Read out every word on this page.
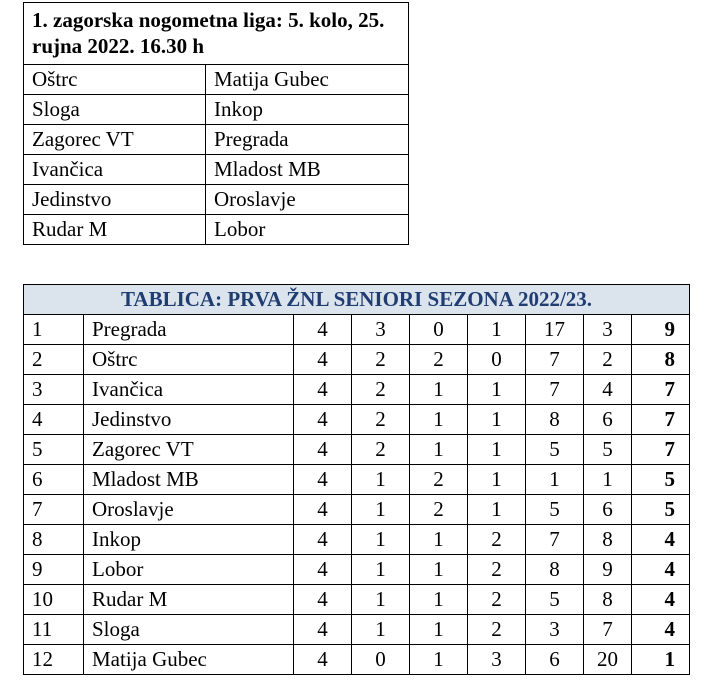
1. zagorska nogometna liga: 5. kolo, 25. rujna 2022. 16.30 h	
Oštrc	Matija Gubec
Sloga	Inkop
Zagorec VT	Pregrada
Ivančica	Mladost MB
Jedinstvo	Oroslavje
Rudar M	Lobor
TABLICA: PRVA ŽNL SENIORI SEZONA 2022/23.								
1	Pregrada	4	3	0	1	17	3	9
2	Oštrc	4	2	2	0	7	2	8
3	Ivančica	4	2	1	1	7	4	7
4	Jedinstvo	4	2	1	1	8	6	7
5	Zagorec VT	4	2	1	1	5	5	7
6	Mladost MB	4	1	2	1	1	1	5
7	Oroslavje	4	1	2	1	5	6	5
8	Inkop	4	1	1	2	7	8	4
9	Lobor	4	1	1	2	8	9	4
10	Rudar M	4	1	1	2	5	8	4
11	Sloga	4	1	1	2	3	7	4
12	Matija Gubec	4	0	1	3	6	20	1
